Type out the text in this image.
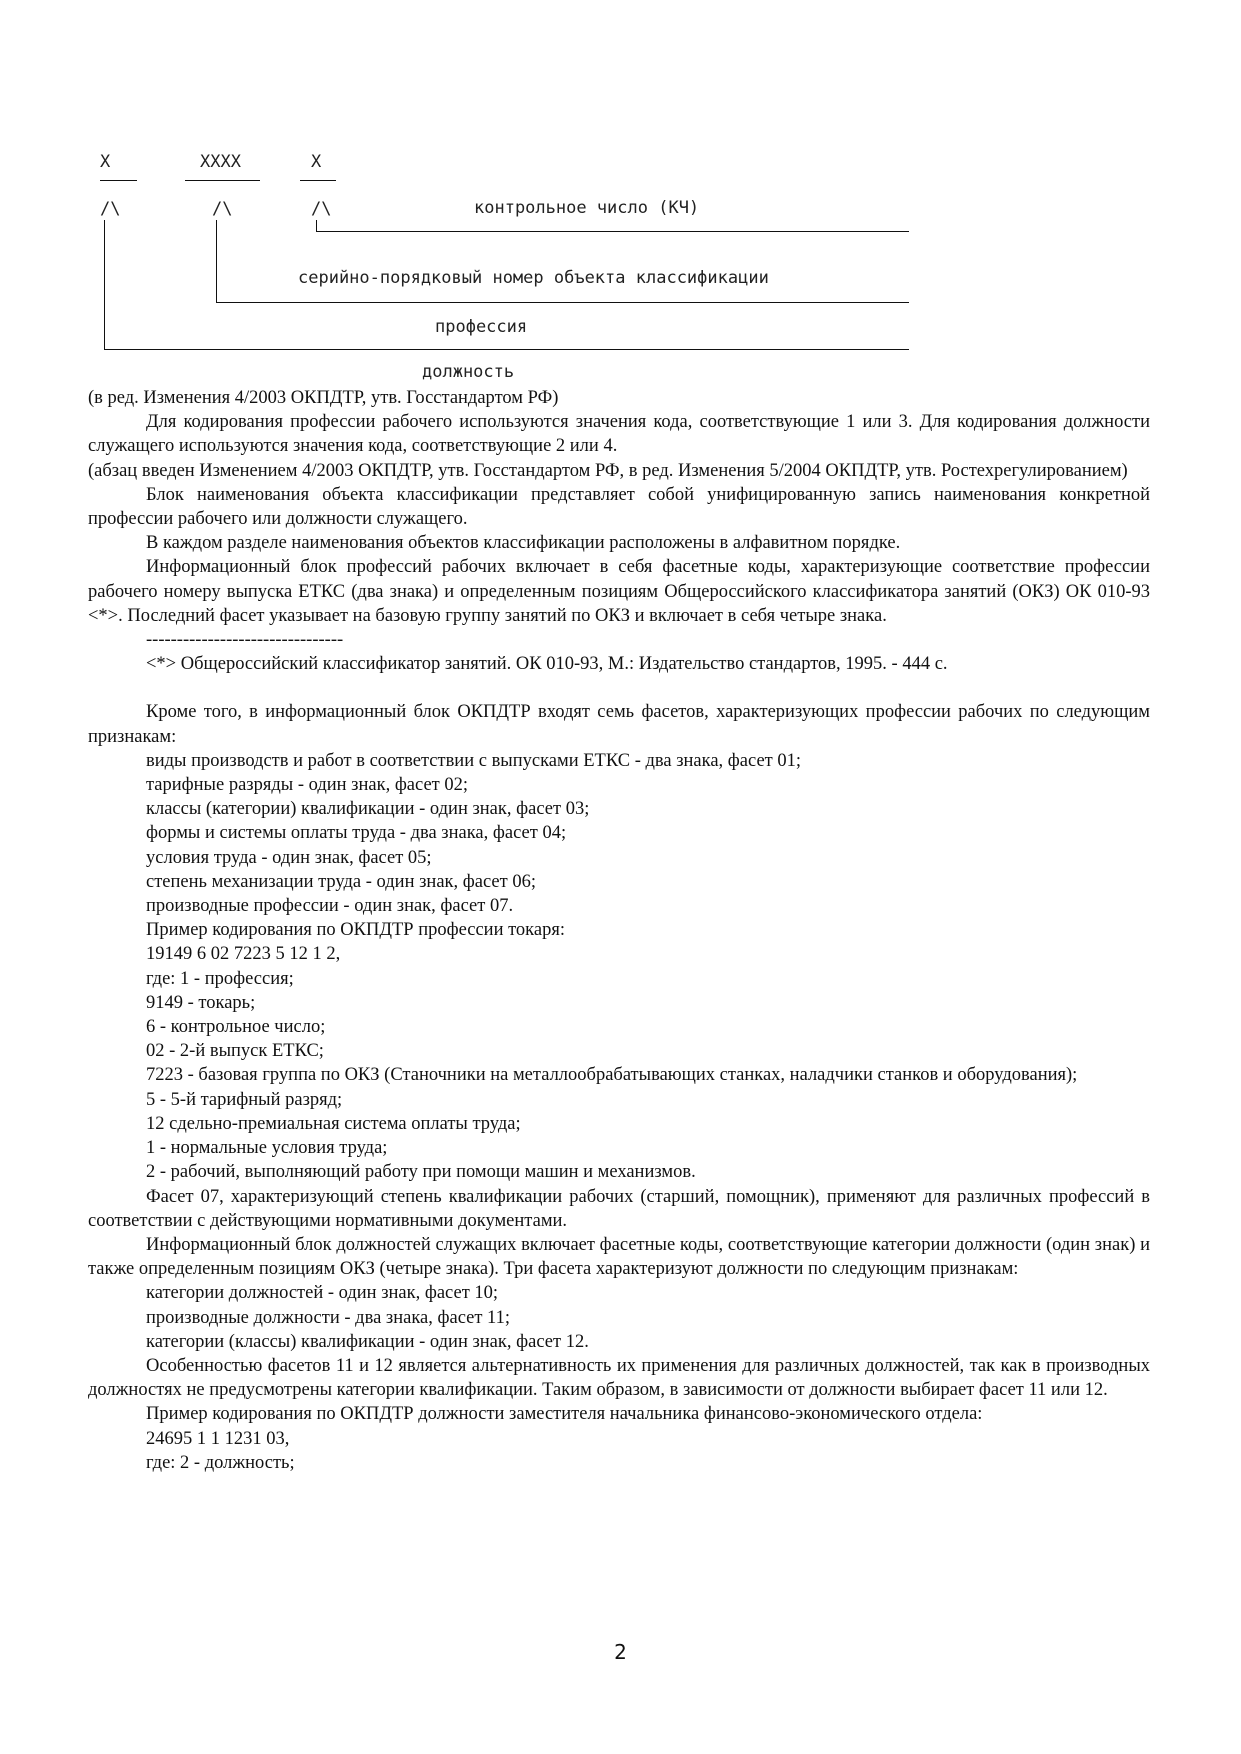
X	XXXX	X
/\	/\	/\	контрольное число (КЧ)
серийно-порядковый номер объекта классификации
профессия
должность

(в ред. Изменения 4/2003 ОКПДТР, утв. Госстандартом РФ)

Для кодирования профессии рабочего используются значения кода, соответствующие 1 или 3. Для кодирования должности служащего используются значения кода, соответствующие 2 или 4.

(абзац введен Изменением 4/2003 ОКПДТР, утв. Госстандартом РФ, в ред. Изменения 5/2004 ОКПДТР, утв. Ростехрегулированием)

Блок наименования объекта классификации представляет собой унифицированную запись наименования конкретной профессии рабочего или должности служащего.

В каждом разделе наименования объектов классификации расположены в алфавитном порядке.

Информационный блок профессий рабочих включает в себя фасетные коды, характеризующие соответствие профессии рабочего номеру выпуска ЕТКС (два знака) и определенным позициям Общероссийского классификатора занятий (ОКЗ) ОК 010-93 <*>. Последний фасет указывает на базовую группу занятий по ОКЗ и включает в себя четыре знака.

--------------------------------

<*> Общероссийский классификатор занятий. ОК 010-93, М.: Издательство стандартов, 1995. - 444 с.

Кроме того, в информационный блок ОКПДТР входят семь фасетов, характеризующих профессии рабочих по следующим признакам:

виды производств и работ в соответствии с выпусками ЕТКС - два знака, фасет 01;

тарифные разряды - один знак, фасет 02;

классы (категории) квалификации - один знак, фасет 03;

формы и системы оплаты труда - два знака, фасет 04;

условия труда - один знак, фасет 05;

степень механизации труда - один знак, фасет 06;

производные профессии - один знак, фасет 07.

Пример кодирования по ОКПДТР профессии токаря:

19149 6 02 7223 5 12 1 2,

где: 1 - профессия;

9149 - токарь;

6 - контрольное число;

02 - 2-й выпуск ЕТКС;

7223 - базовая группа по ОКЗ (Станочники на металлообрабатывающих станках, наладчики станков и оборудования);

5 - 5-й тарифный разряд;

12 сдельно-премиальная система оплаты труда;

1 - нормальные условия труда;

2 - рабочий, выполняющий работу при помощи машин и механизмов.

Фасет 07, характеризующий степень квалификации рабочих (старший, помощник), применяют для различных профессий в соответствии с действующими нормативными документами.

Информационный блок должностей служащих включает фасетные коды, соответствующие категории должности (один знак) и также определенным позициям ОКЗ (четыре знака). Три фасета характеризуют должности по следующим признакам:

категории должностей - один знак, фасет 10;

производные должности - два знака, фасет 11;

категории (классы) квалификации - один знак, фасет 12.

Особенностью фасетов 11 и 12 является альтернативность их применения для различных должностей, так как в производных должностях не предусмотрены категории квалификации. Таким образом, в зависимости от должности выбирает фасет 11 или 12.

Пример кодирования по ОКПДТР должности заместителя начальника финансово-экономического отдела:

24695 1 1 1231 03,

где: 2 - должность;

2
